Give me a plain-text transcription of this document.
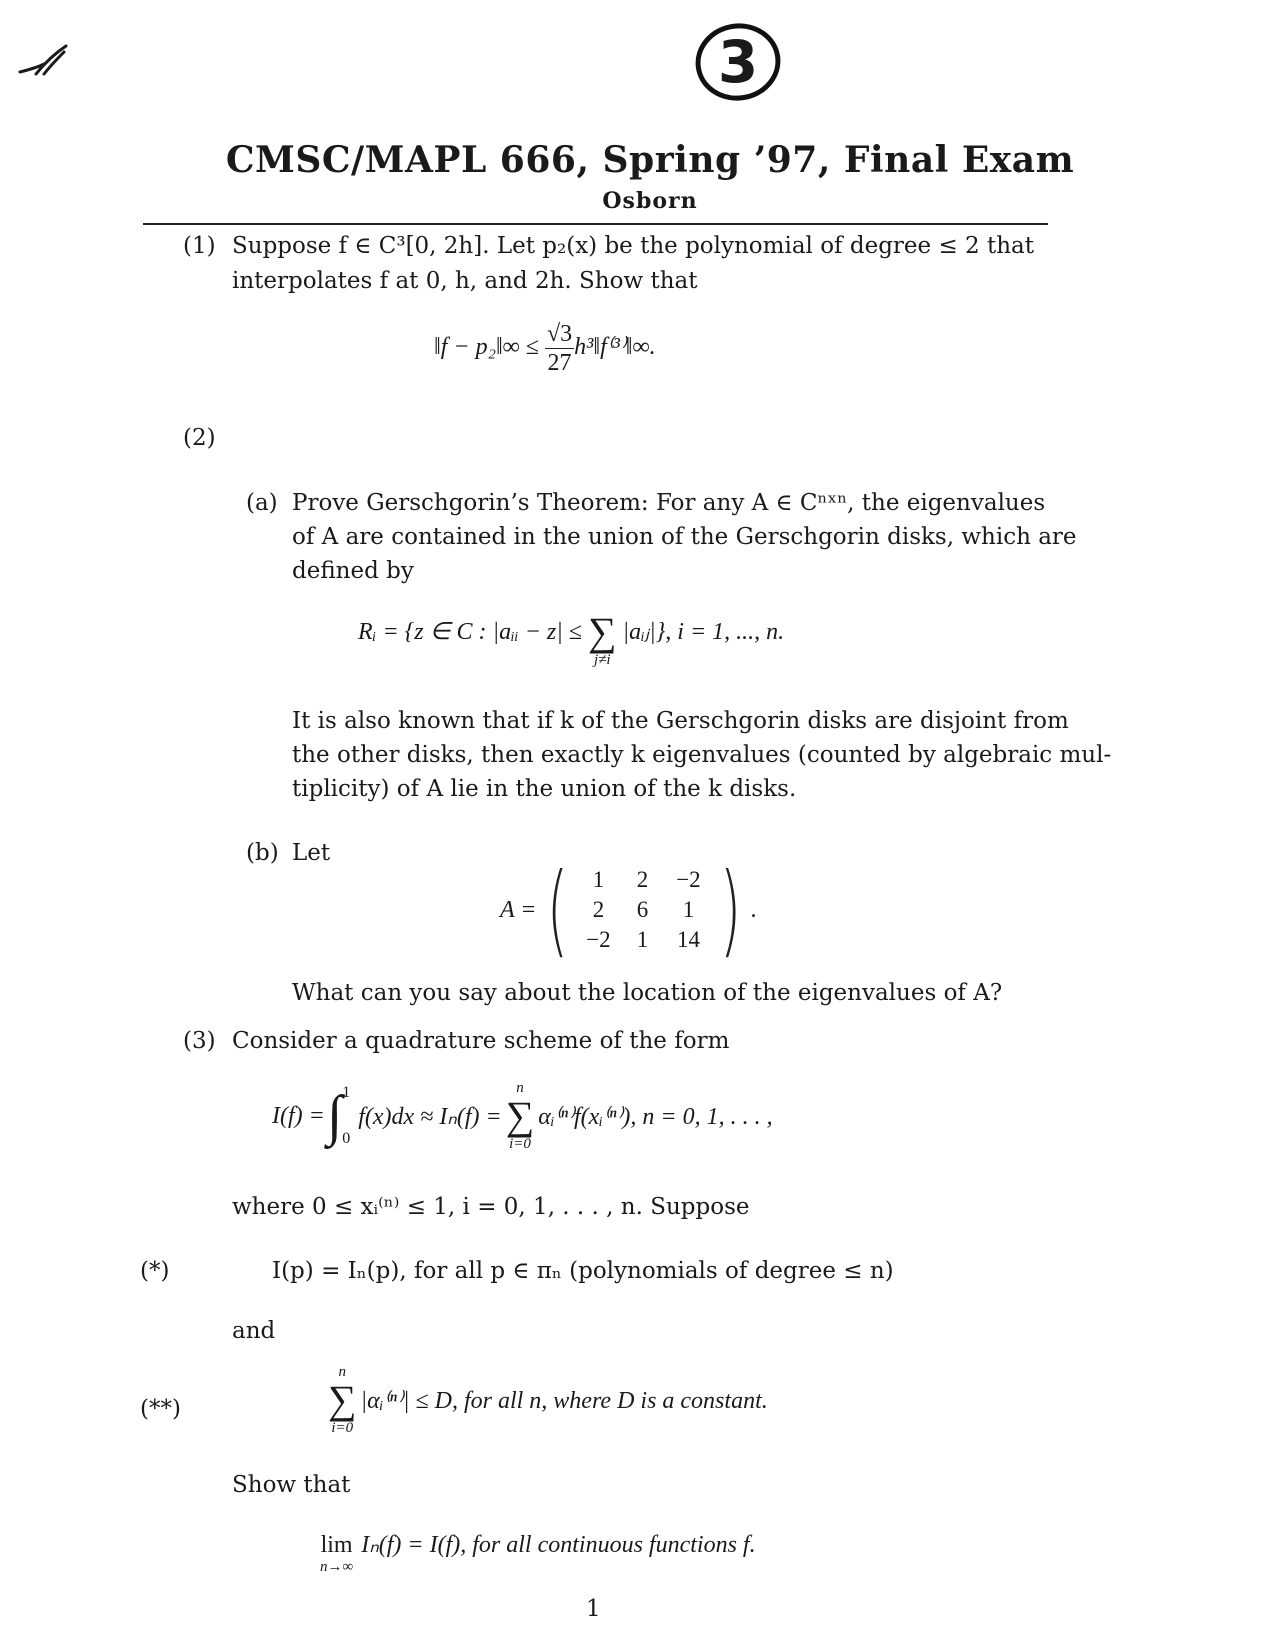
3
CMSC/MAPL 666, Spring ’97, Final Exam
Osborn
(1) Suppose f ∈ C³[0, 2h]. Let p₂(x) be the polynomial of degree ≤ 2 that
interpolates f at 0, h, and 2h. Show that
‖f − p₂‖∞ ≤ $\frac{√3}{27}$ h³‖f⁽³⁾‖∞.
(2)
(a) Prove Gerschgorin’s Theorem: For any A ∈ Cⁿˣⁿ, the eigenvalues
of A are contained in the union of the Gerschgorin disks, which are
defined by
Rᵢ = {z ∈ C : |aᵢᵢ − z| ≤ ∑
j≠i
|aᵢⱼ|}, i = 1, ..., n.
It is also known that if k of the Gerschgorin disks are disjoint from
the other disks, then exactly k eigenvalues (counted by algebraic mul-
tiplicity) of A lie in the union of the k disks.
(b) Let
A = (	1	2	−2
2	6	1
−2	1	14 ) .
What can you say about the location of the eigenvalues of A?
(3) Consider a quadrature scheme of the form
I(f) = ∫ 1
0
f(x)dx ≈ Iₙ(f) =
n
∑
i=0
αᵢ⁽ⁿ⁾f(xᵢ⁽ⁿ⁾), n = 0, 1, . . . ,
where 0 ≤ xᵢ⁽ⁿ⁾ ≤ 1, i = 0, 1, . . . , n. Suppose
(*)	I(p) = Iₙ(p), for all p ∈ πₙ (polynomials of degree ≤ n)
and
(**)
n
∑
i=0
|αᵢ⁽ⁿ⁾| ≤ D, for all n, where D is a constant.
Show that
lim
n→∞
Iₙ(f) = I(f), for all continuous functions f.
1
